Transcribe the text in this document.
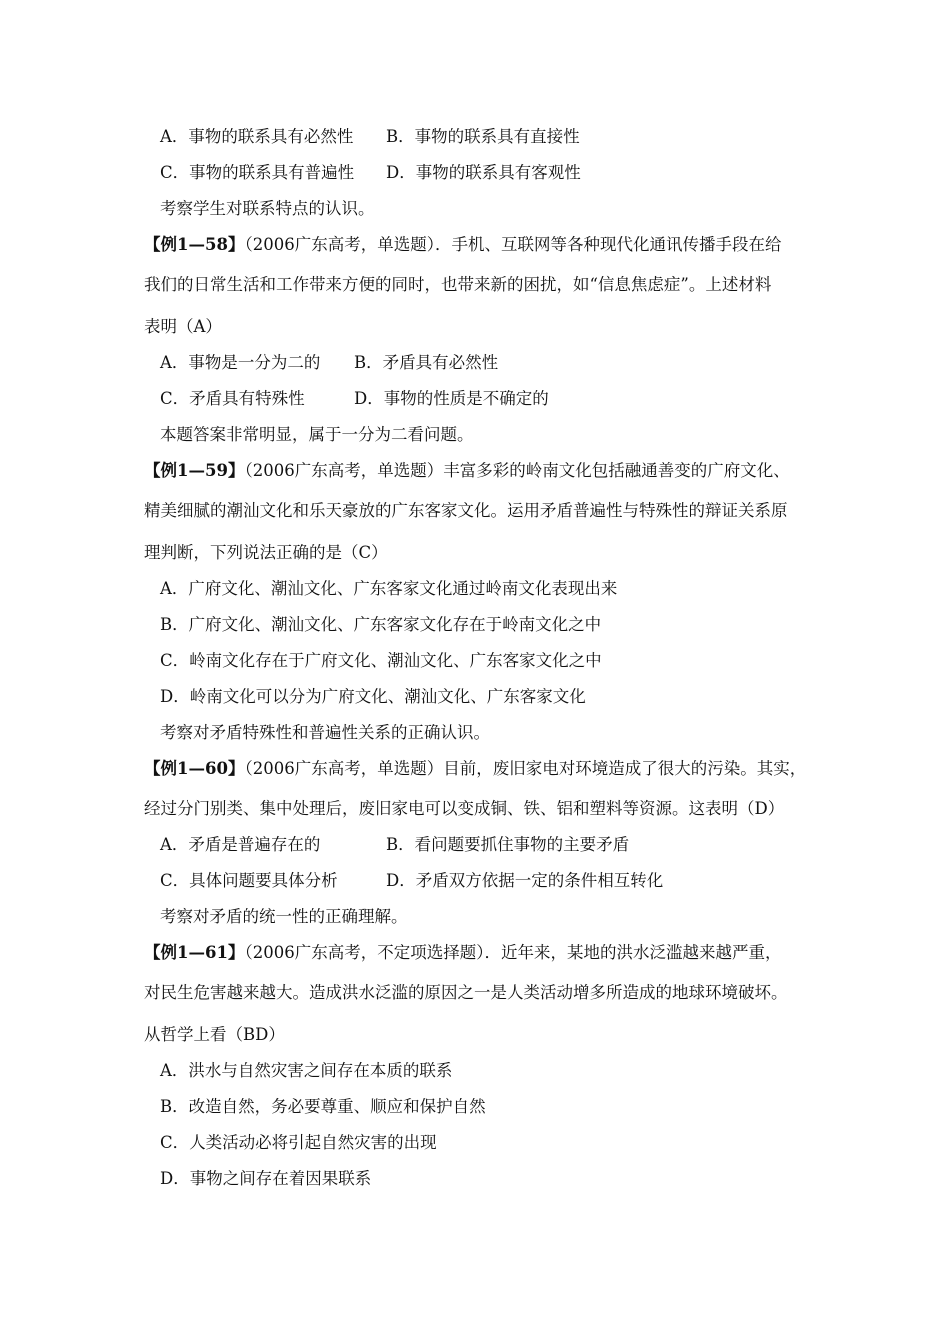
A．事物的联系具有必然性 B．事物的联系具有直接性
C．事物的联系具有普遍性 D．事物的联系具有客观性
考察学生对联系特点的认识。
【例1—58】（2006广东高考，单选题）．手机、互联网等各种现代化通讯传播手段在给
我们的日常生活和工作带来方便的同时，也带来新的困扰，如“信息焦虑症”。上述材料
表明（A）
A．事物是一分为二的 B．矛盾具有必然性
C．矛盾具有特殊性	D．事物的性质是不确定的
本题答案非常明显，属于一分为二看问题。
【例1—59】（2006广东高考，单选题）丰富多彩的岭南文化包括融通善变的广府文化、
精美细腻的潮汕文化和乐天豪放的广东客家文化。运用矛盾普遍性与特殊性的辩证关系原
理判断，下列说法正确的是（C）
A．广府文化、潮汕文化、广东客家文化通过岭南文化表现出来
B．广府文化、潮汕文化、广东客家文化存在于岭南文化之中
C．岭南文化存在于广府文化、潮汕文化、广东客家文化之中
D．岭南文化可以分为广府文化、潮汕文化、广东客家文化
考察对矛盾特殊性和普遍性关系的正确认识。
【例1—60】（2006广东高考，单选题）目前，废旧家电对环境造成了很大的污染。其实，
经过分门别类、集中处理后，废旧家电可以变成铜、铁、铝和塑料等资源。这表明（D）
A．矛盾是普遍存在的	B．看问题要抓住事物的主要矛盾
C．具体问题要具体分析	D．矛盾双方依据一定的条件相互转化
考察对矛盾的统一性的正确理解。
【例1—61】（2006广东高考，不定项选择题）．近年来，某地的洪水泛滥越来越严重，
对民生危害越来越大。造成洪水泛滥的原因之一是人类活动增多所造成的地球环境破坏。
从哲学上看（BD）
A．洪水与自然灾害之间存在本质的联系
B．改造自然，务必要尊重、顺应和保护自然
C．人类活动必将引起自然灾害的出现
D．事物之间存在着因果联系
